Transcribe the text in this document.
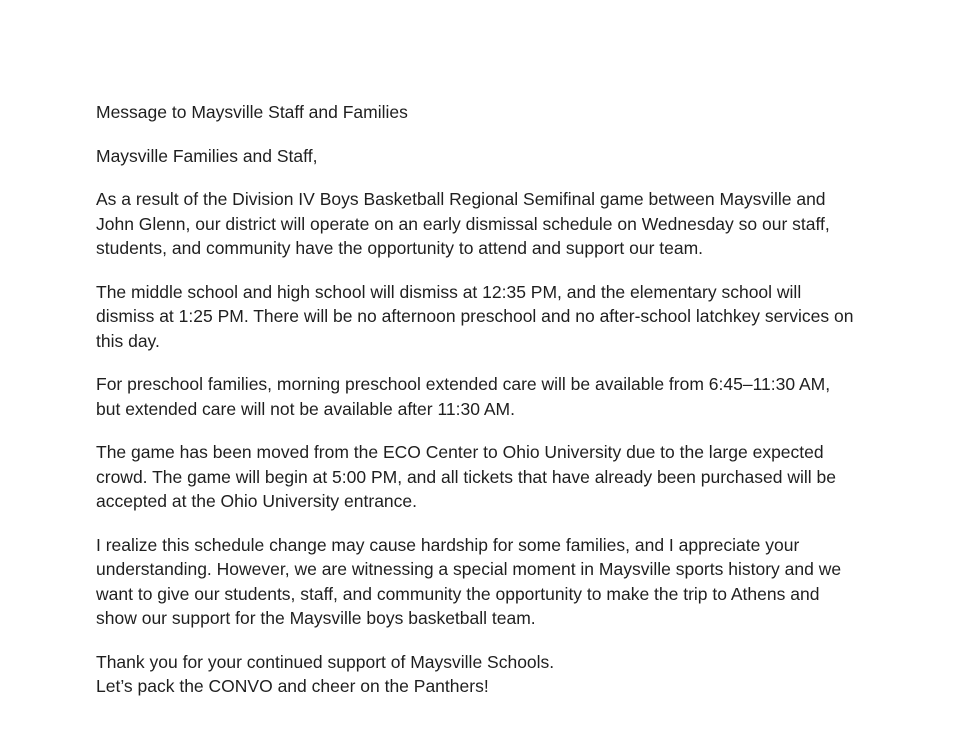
Message to Maysville Staff and Families

Maysville Families and Staff,

As a result of the Division IV Boys Basketball Regional Semifinal game between Maysville and John Glenn, our district will operate on an early dismissal schedule on Wednesday so our staff, students, and community have the opportunity to attend and support our team.

The middle school and high school will dismiss at 12:35 PM, and the elementary school will dismiss at 1:25 PM. There will be no afternoon preschool and no after-school latchkey services on this day.

For preschool families, morning preschool extended care will be available from 6:45–11:30 AM, but extended care will not be available after 11:30 AM.

The game has been moved from the ECO Center to Ohio University due to the large expected crowd. The game will begin at 5:00 PM, and all tickets that have already been purchased will be accepted at the Ohio University entrance.

I realize this schedule change may cause hardship for some families, and I appreciate your understanding. However, we are witnessing a special moment in Maysville sports history and we want to give our students, staff, and community the opportunity to make the trip to Athens and show our support for the Maysville boys basketball team.

Thank you for your continued support of Maysville Schools.
Let’s pack the CONVO and cheer on the Panthers!
